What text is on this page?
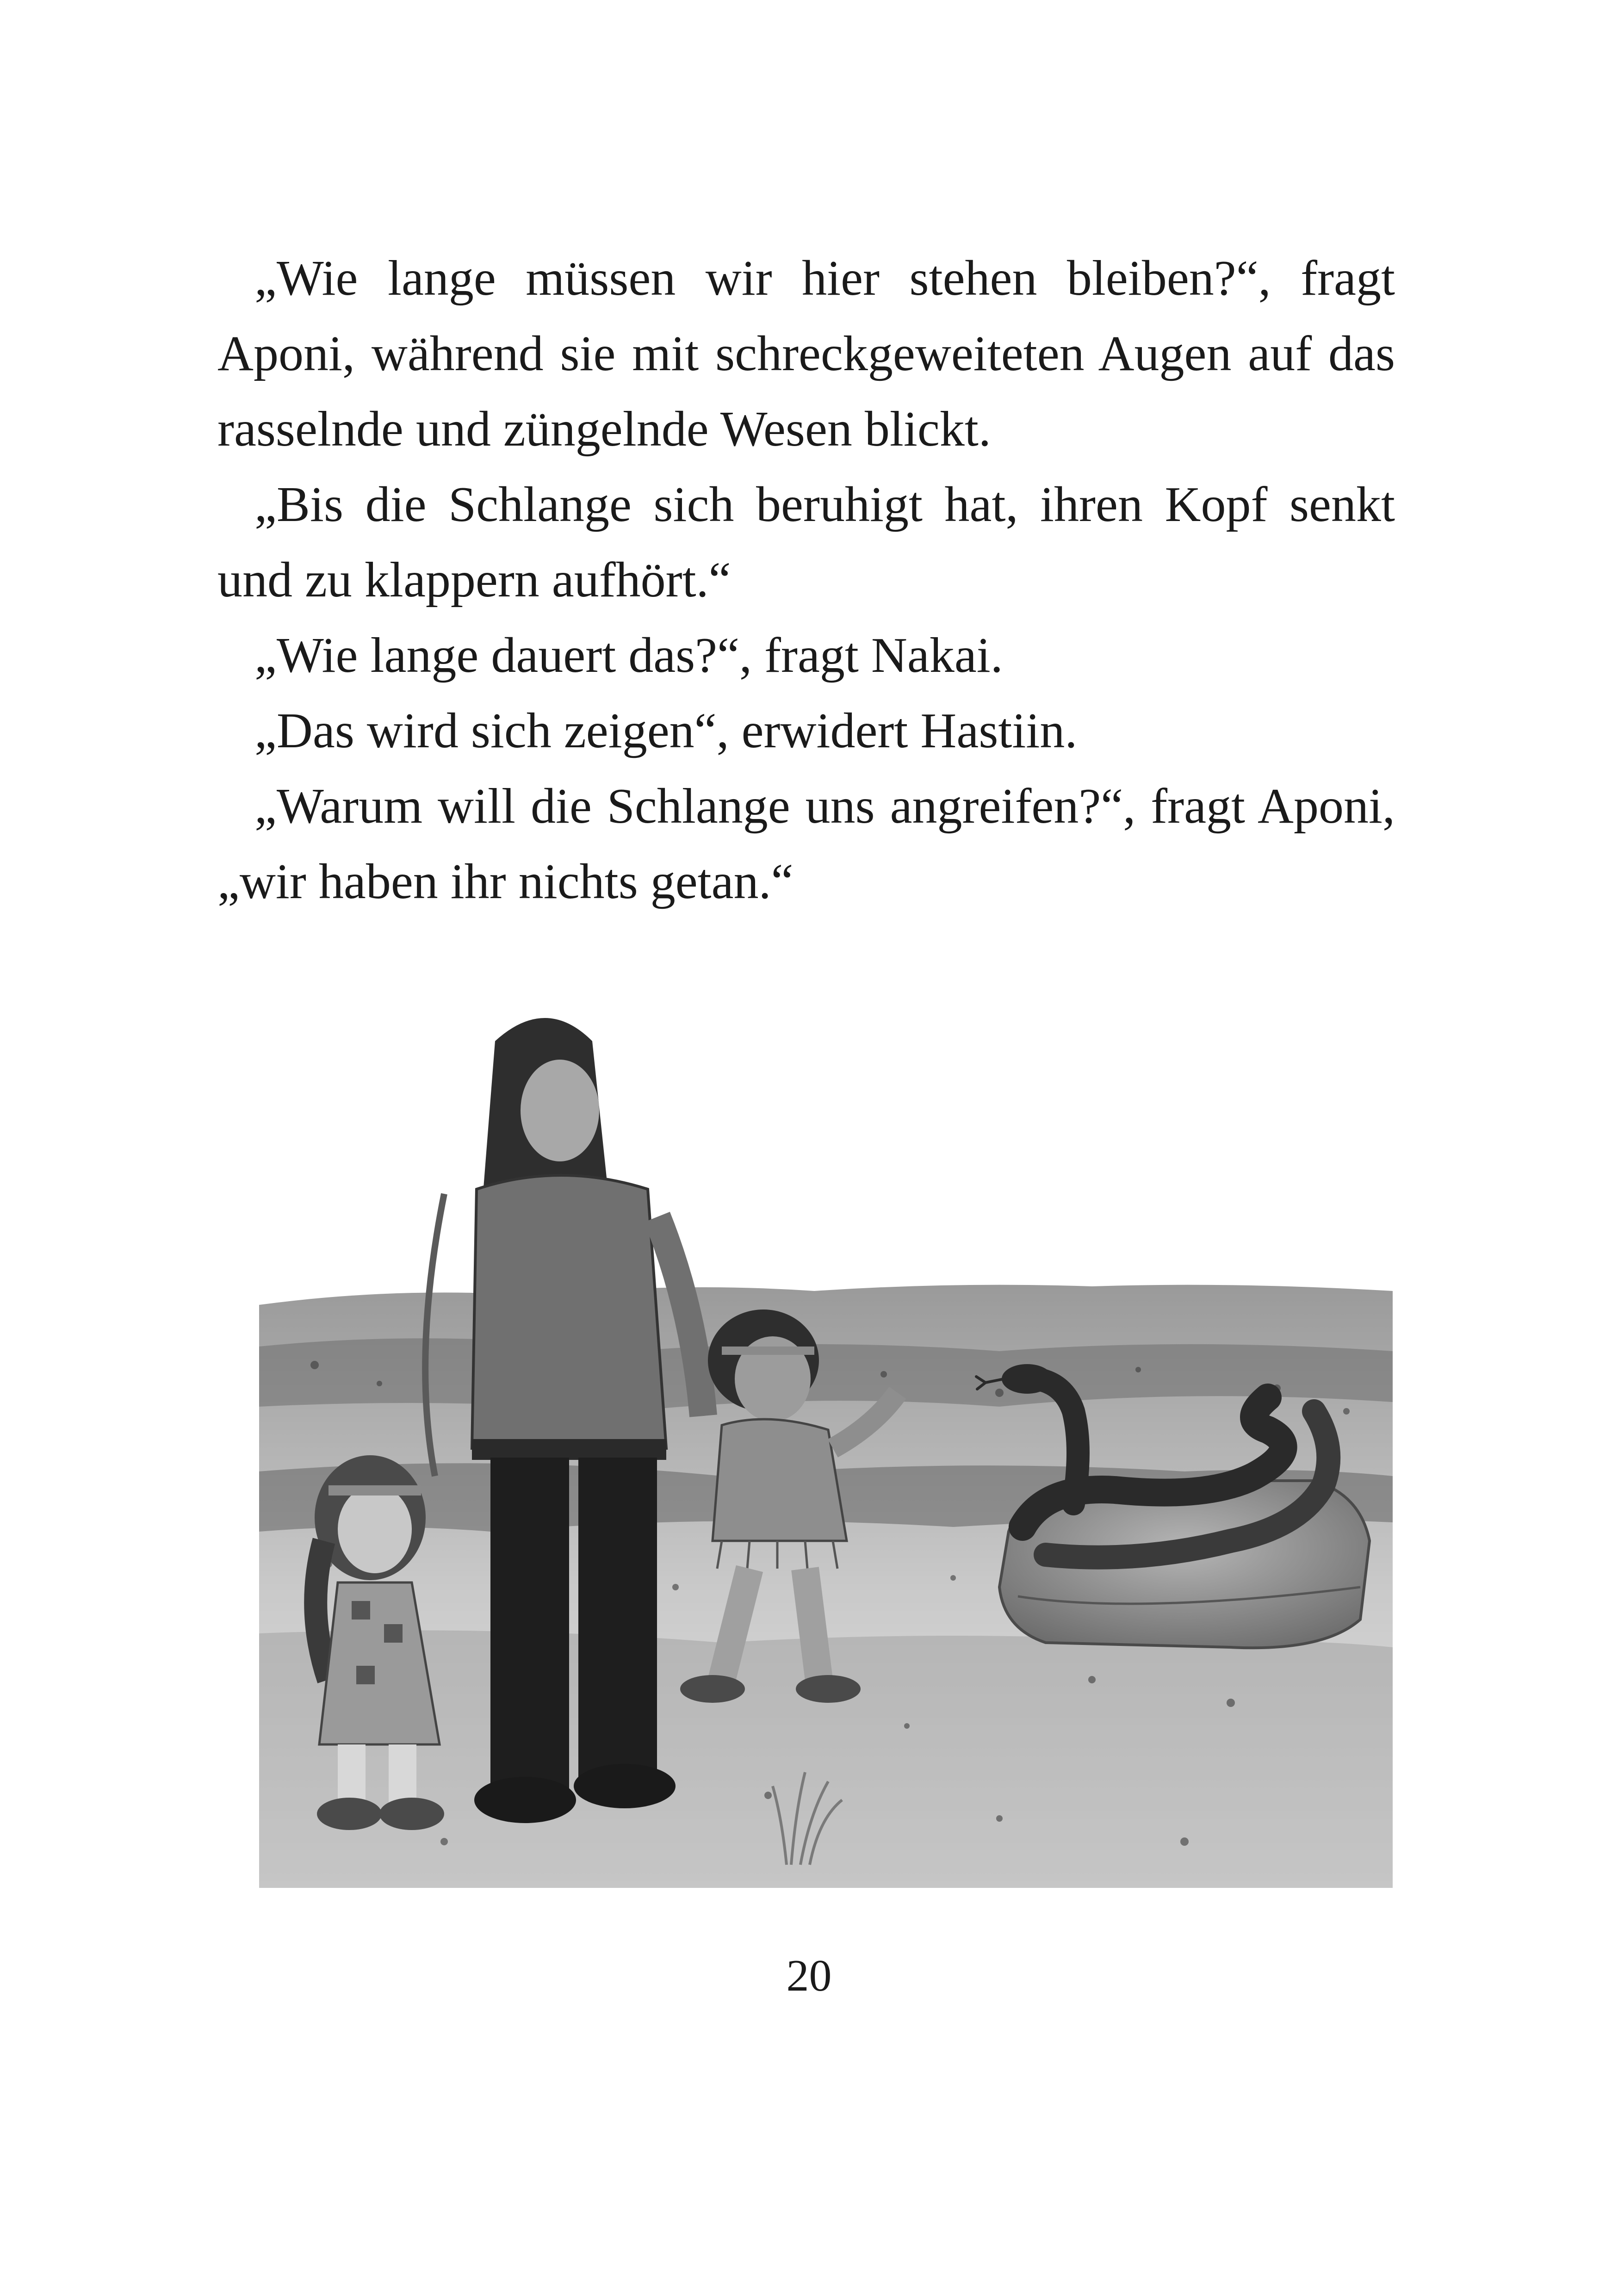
„Wie lange müssen wir hier stehen bleiben?“, fragt Aponi, während sie mit schreckgeweiteten Augen auf das rasselnde und züngelnde Wesen blickt.

„Bis die Schlange sich beruhigt hat, ihren Kopf senkt und zu klappern aufhört.“

„Wie lange dauert das?“, fragt Nakai.

„Das wird sich zeigen“, erwidert Hastiin.

„Warum will die Schlange uns angreifen?“, fragt Aponi, „wir haben ihr nichts getan.“

20
